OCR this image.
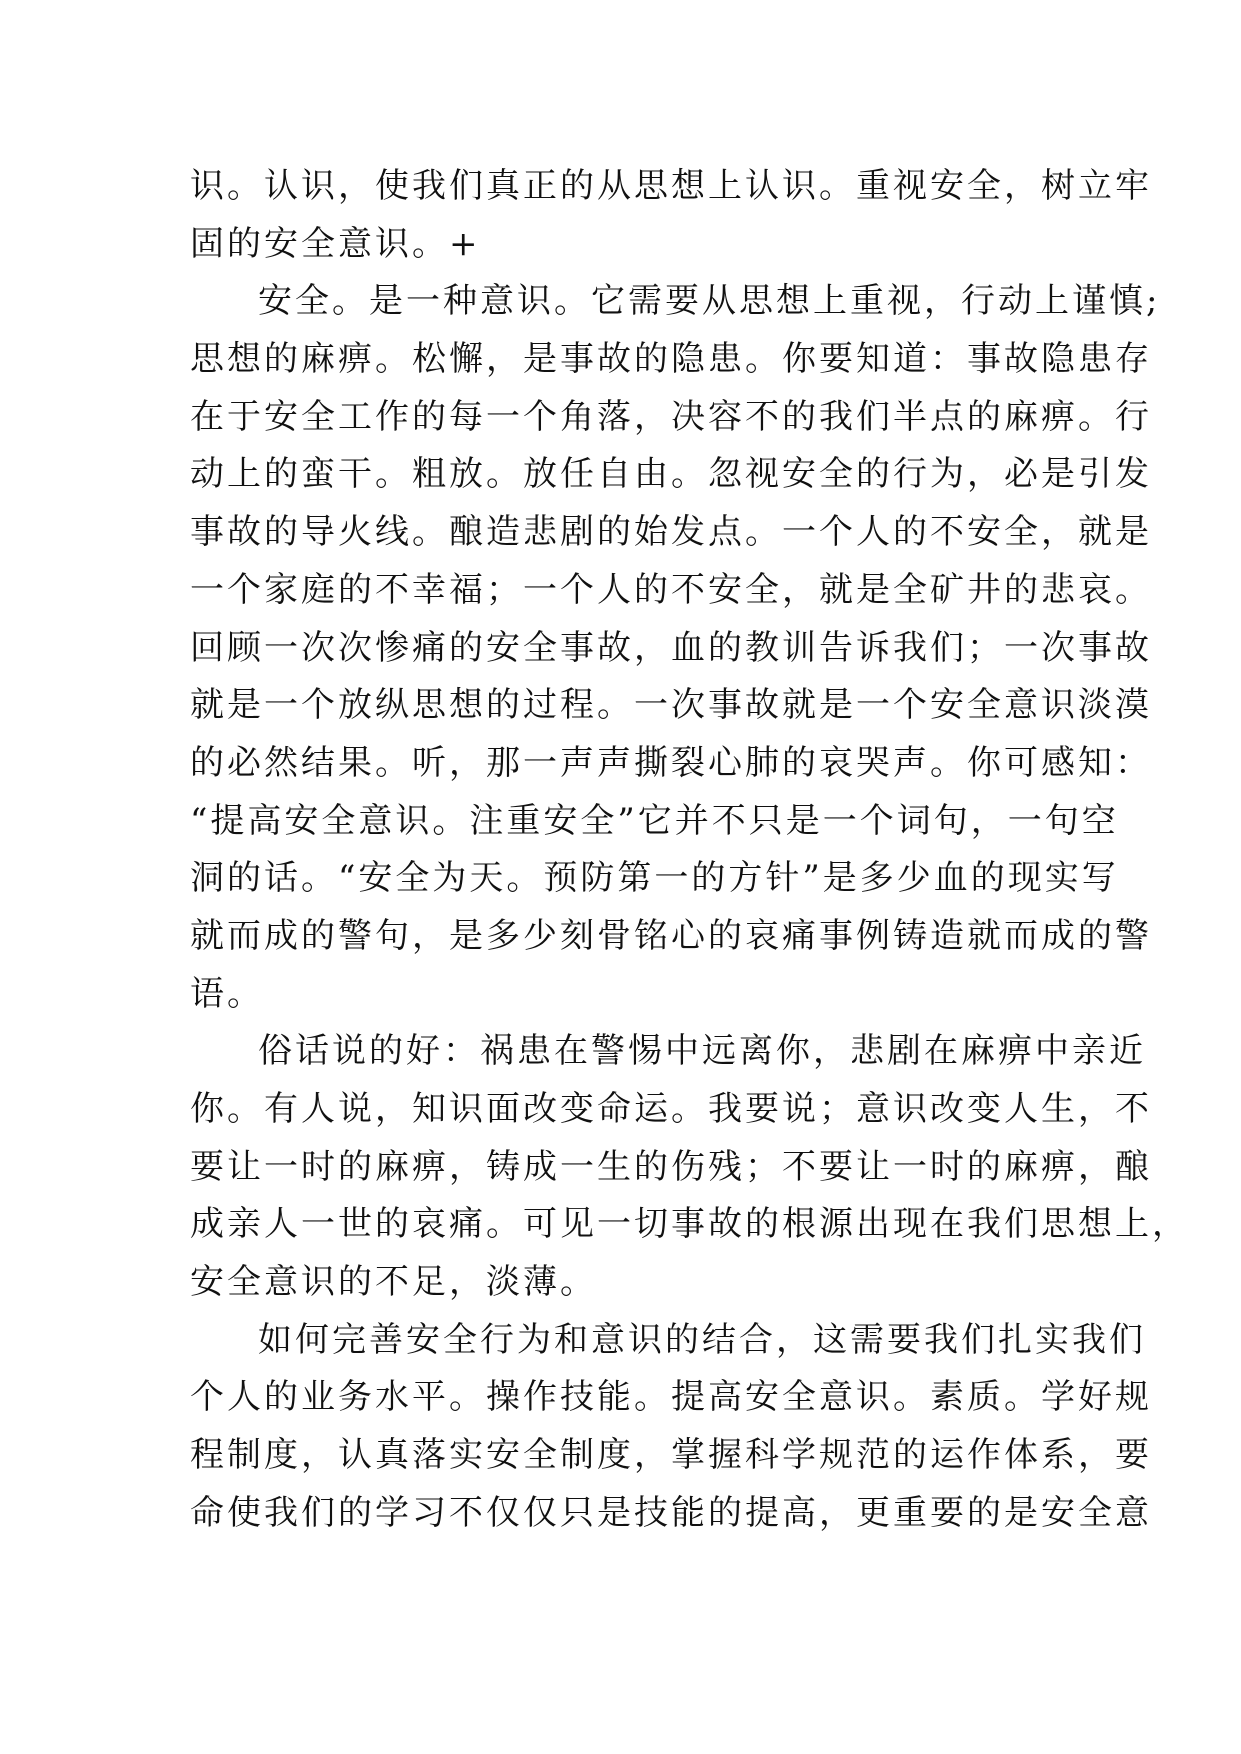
识。认识，使我们真正的从思想上认识。重视安全，树立牢
固的安全意识。+
安全。是一种意识。它需要从思想上重视，行动上谨慎;
思想的麻痹。松懈，是事故的隐患。你要知道：事故隐患存
在于安全工作的每一个角落，决容不的我们半点的麻痹。行
动上的蛮干。粗放。放任自由。忽视安全的行为，必是引发
事故的导火线。酿造悲剧的始发点。一个人的不安全，就是
一个家庭的不幸福；一个人的不安全，就是全矿井的悲哀。
回顾一次次惨痛的安全事故，血的教训告诉我们；一次事故
就是一个放纵思想的过程。一次事故就是一个安全意识淡漠
的必然结果。听，那一声声撕裂心肺的哀哭声。你可感知：
“提高安全意识。注重安全”它并不只是一个词句，一句空
洞的话。“安全为天。预防第一的方针”是多少血的现实写
就而成的警句，是多少刻骨铭心的哀痛事例铸造就而成的警
语。
俗话说的好：祸患在警惕中远离你，悲剧在麻痹中亲近
你。有人说，知识面改变命运。我要说；意识改变人生，不
要让一时的麻痹，铸成一生的伤残；不要让一时的麻痹，酿
成亲人一世的哀痛。可见一切事故的根源出现在我们思想上，
安全意识的不足，淡薄。
如何完善安全行为和意识的结合，这需要我们扎实我们
个人的业务水平。操作技能。提高安全意识。素质。学好规
程制度，认真落实安全制度，掌握科学规范的运作体系，要
命使我们的学习不仅仅只是技能的提高，更重要的是安全意
